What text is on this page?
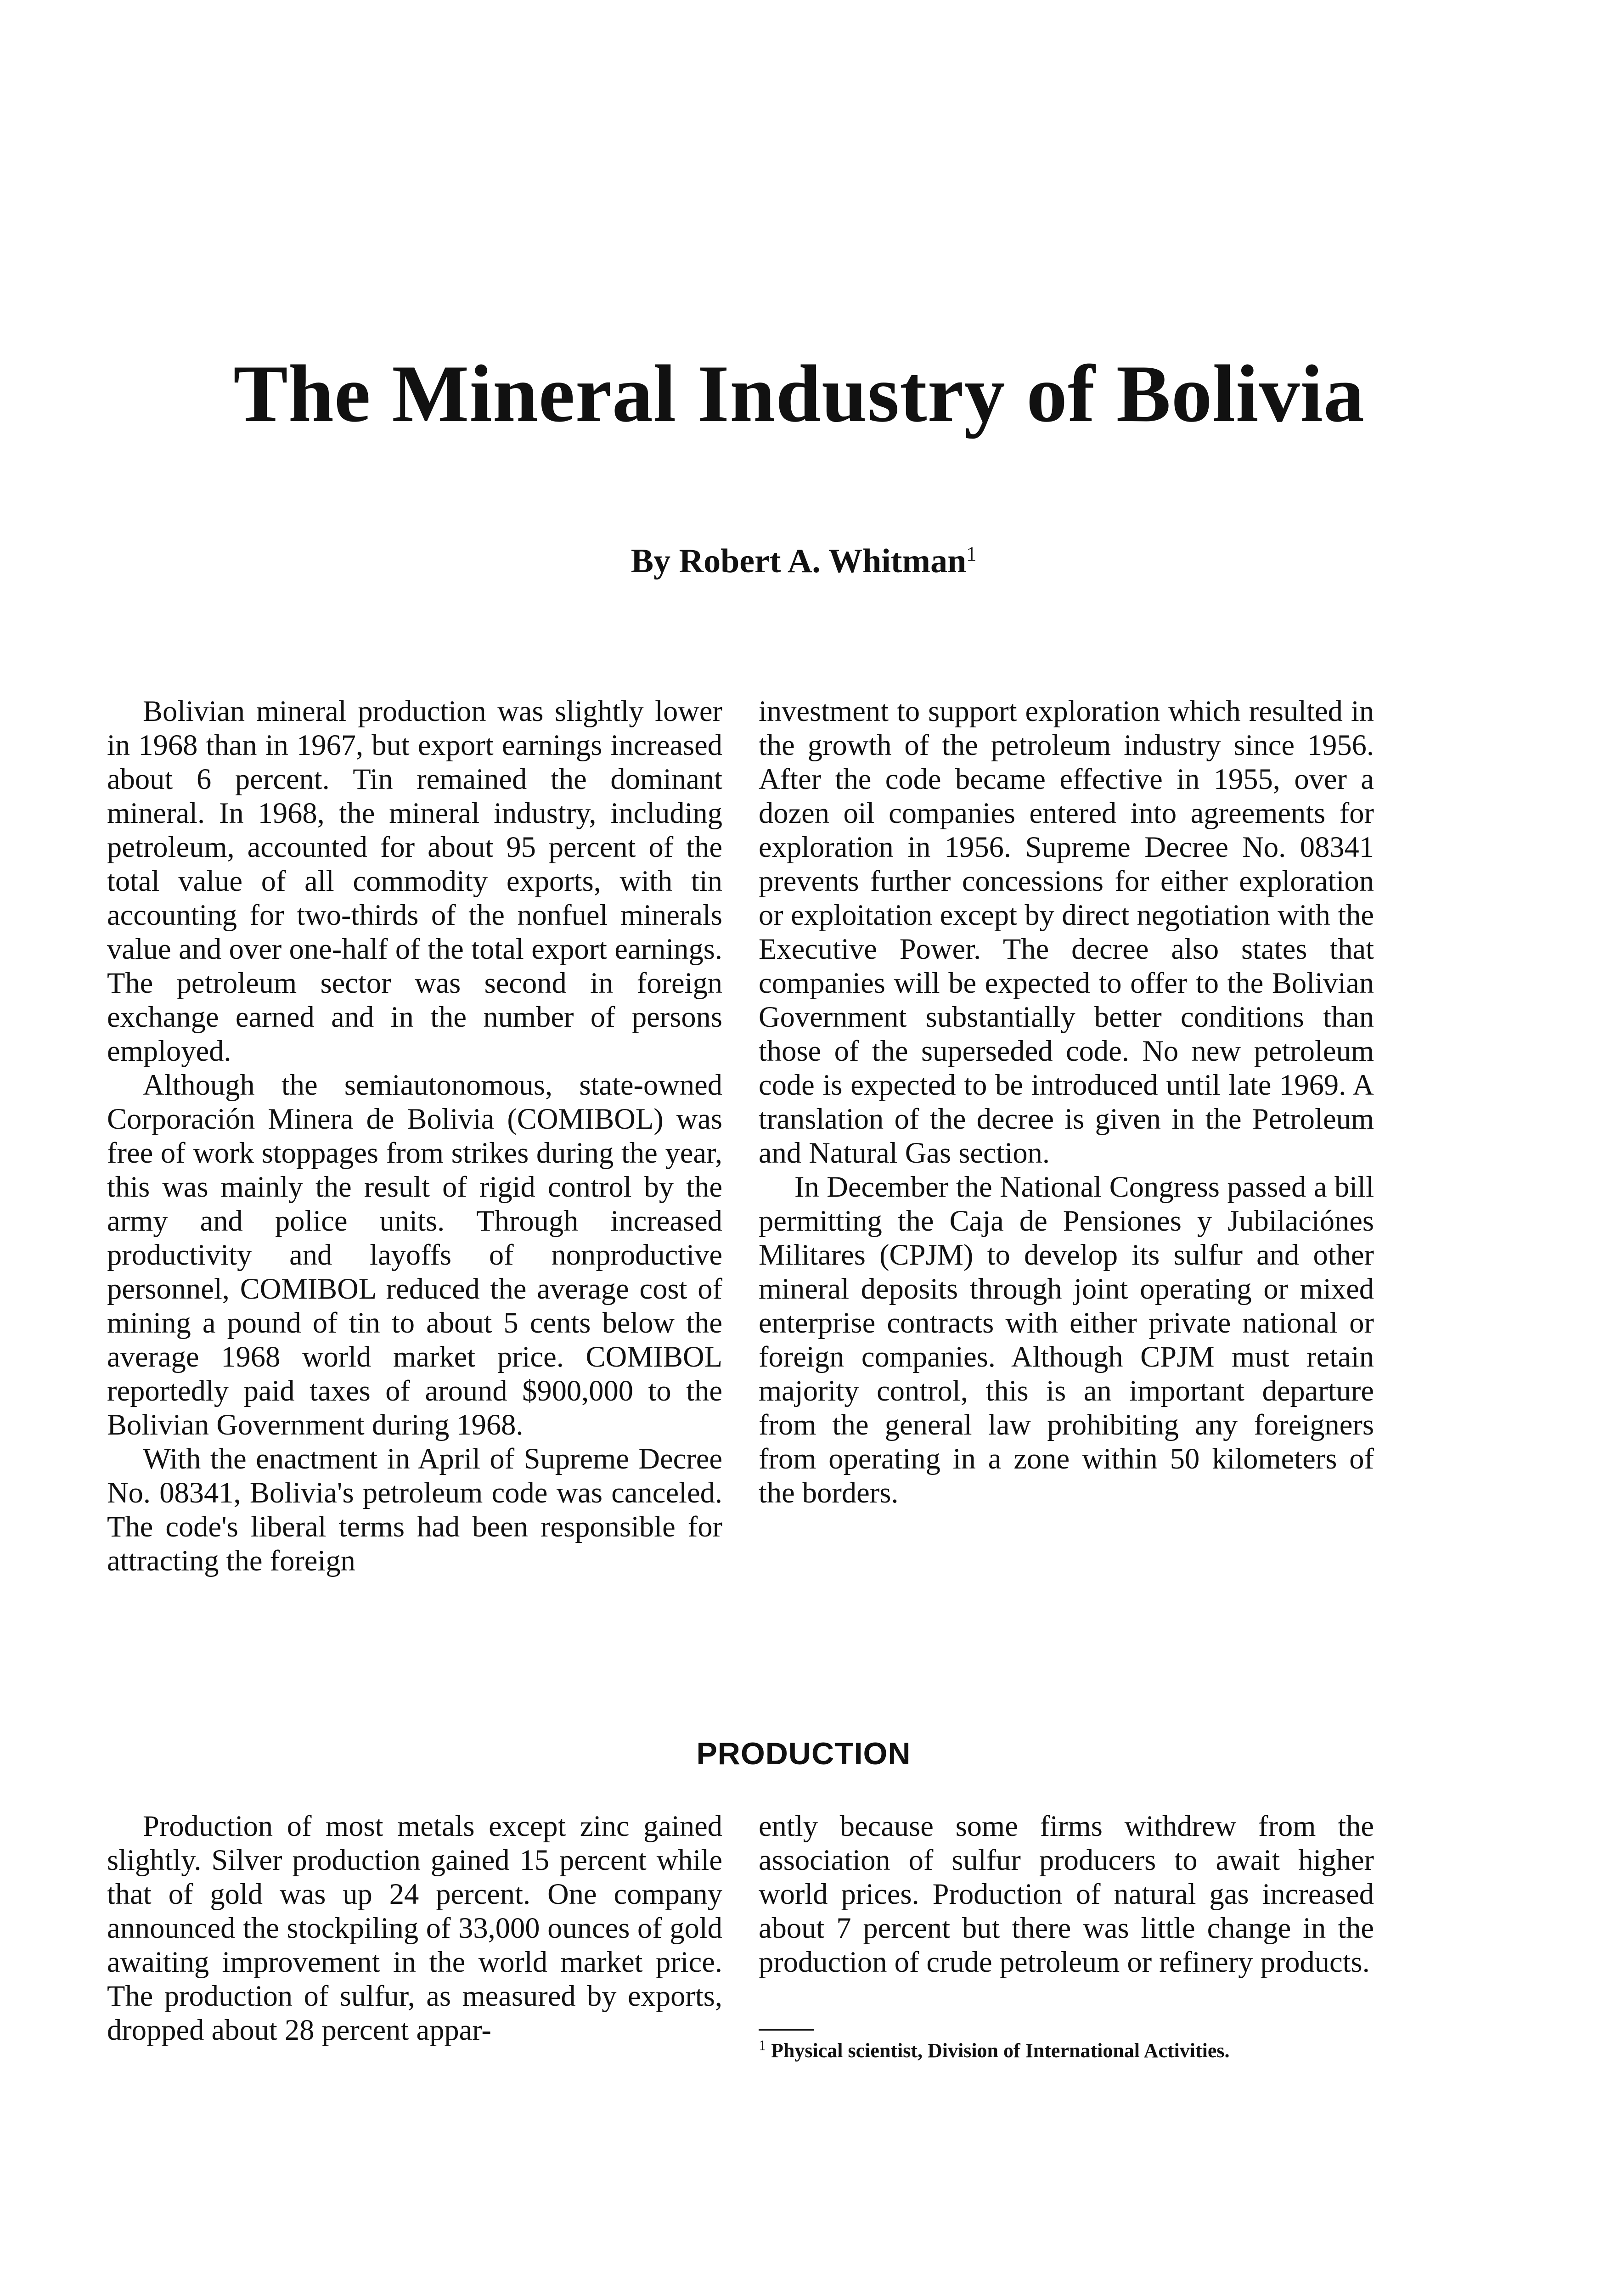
The Mineral Industry of Bolivia

By Robert A. Whitman$^1$

Bolivian mineral production was slightly lower in 1968 than in 1967, but export earnings increased about 6 percent. Tin remained the dominant mineral. In 1968, the mineral industry, including petroleum, accounted for about 95 percent of the total value of all commodity exports, with tin accounting for two-thirds of the nonfuel minerals value and over one-half of the total export earnings. The petroleum sector was second in foreign exchange earned and in the number of persons employed.

Although the semiautonomous, state-owned Corporación Minera de Bolivia (COMIBOL) was free of work stoppages from strikes during the year, this was mainly the result of rigid control by the army and police units. Through increased productivity and layoffs of nonproductive personnel, COMIBOL reduced the average cost of mining a pound of tin to about 5 cents below the average 1968 world market price. COMIBOL reportedly paid taxes of around $900,000 to the Bolivian Government during 1968.

With the enactment in April of Supreme Decree No. 08341, Bolivia's petroleum code was canceled. The code's liberal terms had been responsible for attracting the foreign

investment to support exploration which resulted in the growth of the petroleum industry since 1956. After the code became effective in 1955, over a dozen oil companies entered into agreements for exploration in 1956. Supreme Decree No. 08341 prevents further concessions for either exploration or exploitation except by direct negotiation with the Executive Power. The decree also states that companies will be expected to offer to the Bolivian Government substantially better conditions than those of the superseded code. No new petroleum code is expected to be introduced until late 1969. A translation of the decree is given in the Petroleum and Natural Gas section.

In December the National Congress passed a bill permitting the Caja de Pensiones y Jubilaciónes Militares (CPJM) to develop its sulfur and other mineral deposits through joint operating or mixed enterprise contracts with either private national or foreign companies. Although CPJM must retain majority control, this is an important departure from the general law prohibiting any foreigners from operating in a zone within 50 kilometers of the borders.

PRODUCTION

Production of most metals except zinc gained slightly. Silver production gained 15 percent while that of gold was up 24 percent. One company announced the stockpiling of 33,000 ounces of gold awaiting improvement in the world market price. The production of sulfur, as measured by exports, dropped about 28 percent appar-

ently because some firms withdrew from the association of sulfur producers to await higher world prices. Production of natural gas increased about 7 percent but there was little change in the production of crude petroleum or refinery products.

$^1$ Physical scientist, Division of International Activities.
